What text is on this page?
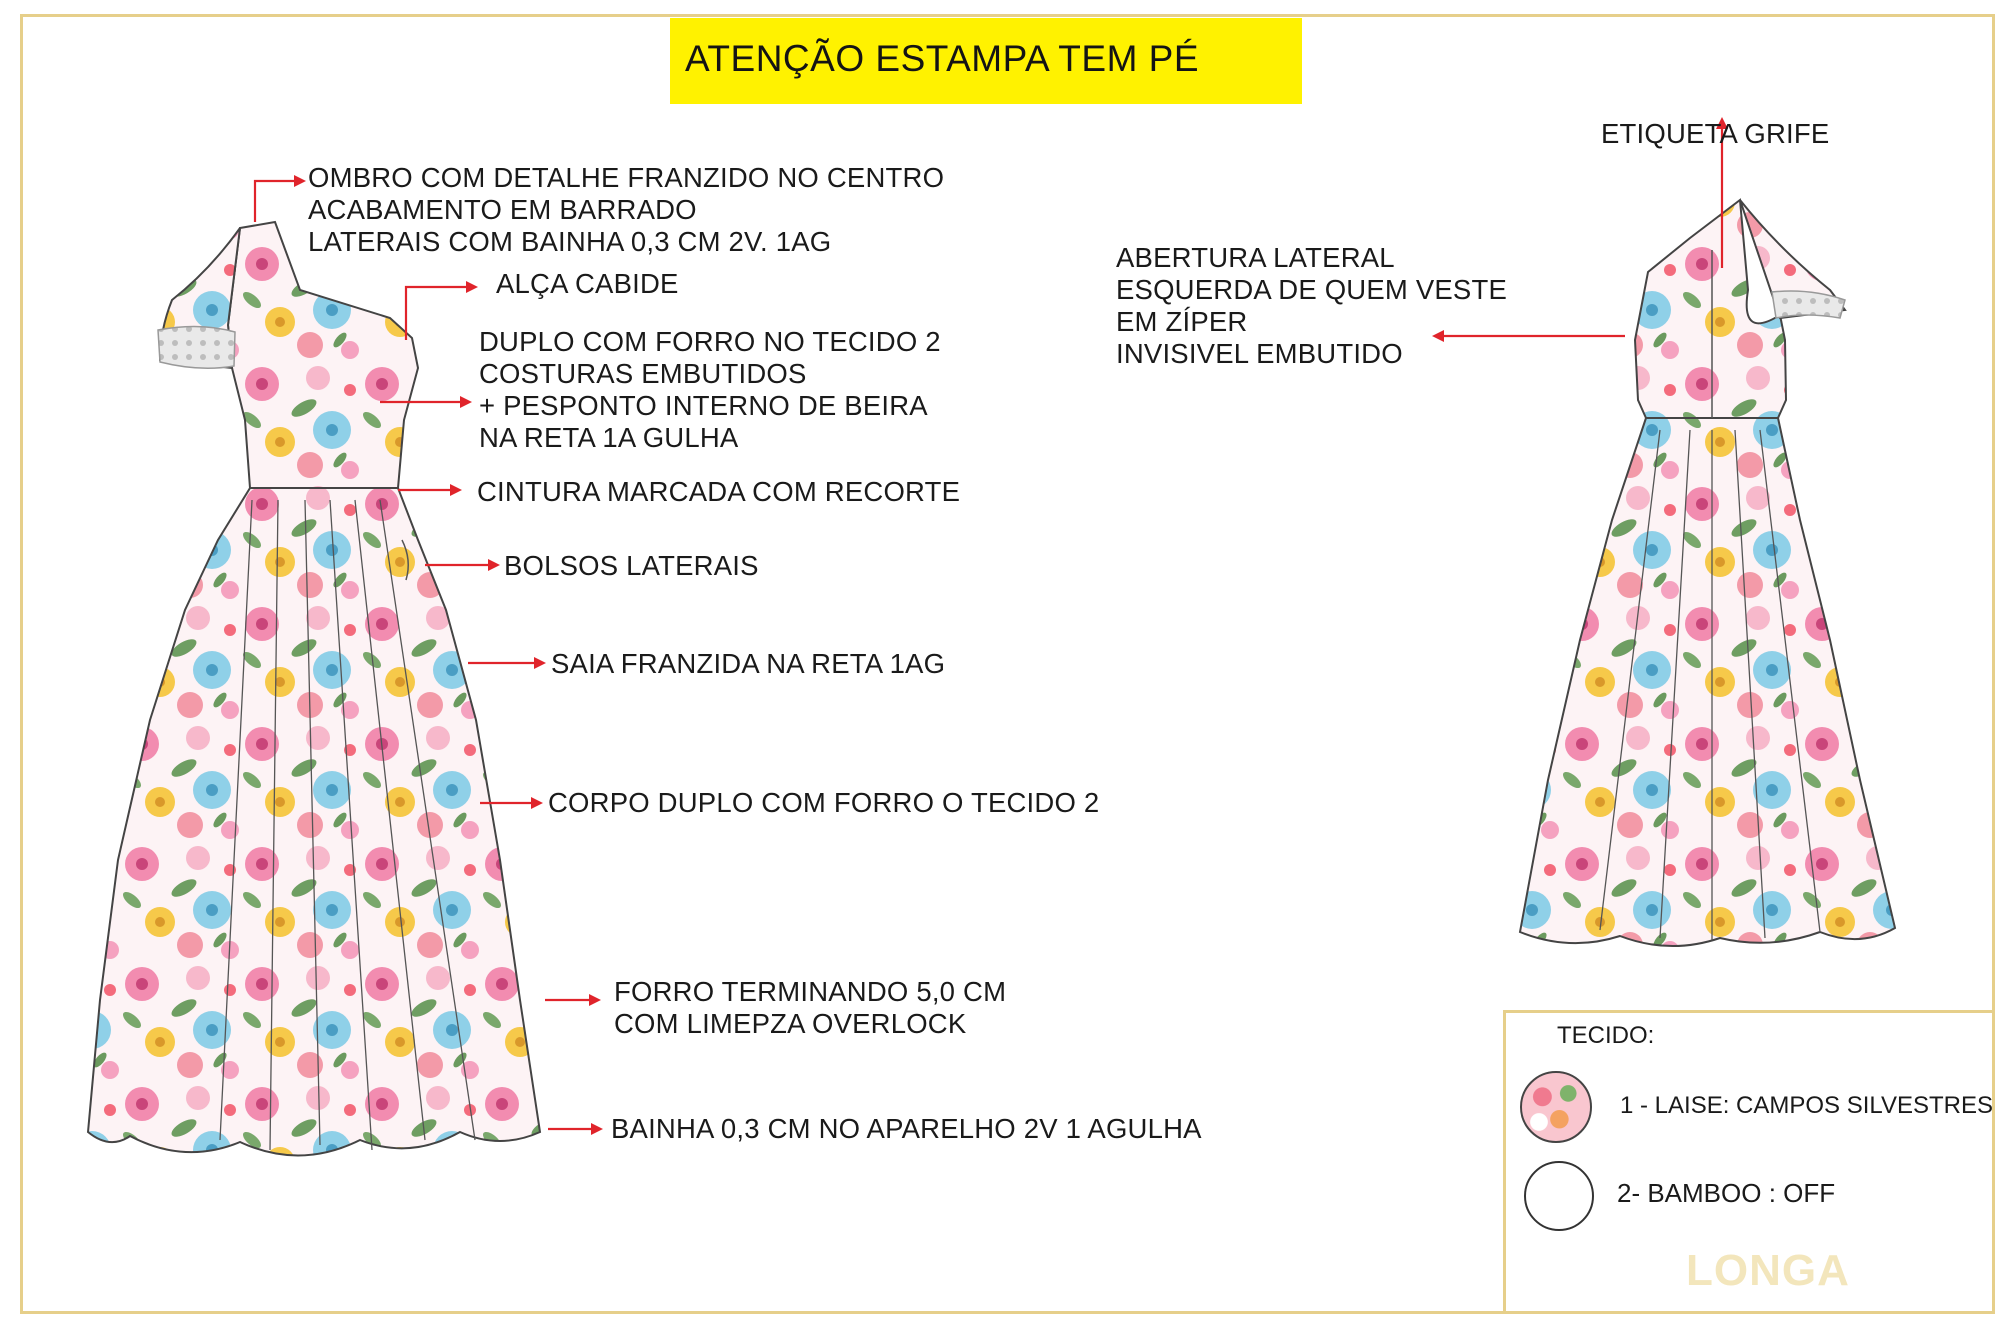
ATENÇÃO ESTAMPA TEM PÉ
OMBRO COM DETALHE FRANZIDO NO CENTRO
ACABAMENTO EM BARRADO
LATERAIS COM BAINHA 0,3 CM 2V. 1AG
ALÇA CABIDE
DUPLO COM FORRO NO TECIDO 2
COSTURAS EMBUTIDOS
+ PESPONTO INTERNO DE BEIRA
NA RETA 1A GULHA
CINTURA MARCADA COM RECORTE
BOLSOS LATERAIS
SAIA FRANZIDA NA RETA 1AG
CORPO DUPLO COM FORRO O TECIDO 2
FORRO TERMINANDO 5,0 CM
COM LIMEPZA OVERLOCK
BAINHA 0,3 CM NO APARELHO 2V 1 AGULHA
ETIQUETA GRIFE
ABERTURA LATERAL
ESQUERDA DE QUEM VESTE
EM ZÍPER
INVISIVEL EMBUTIDO
TECIDO:
1 - LAISE: CAMPOS SILVESTRES
2- BAMBOO : OFF
LONGA
